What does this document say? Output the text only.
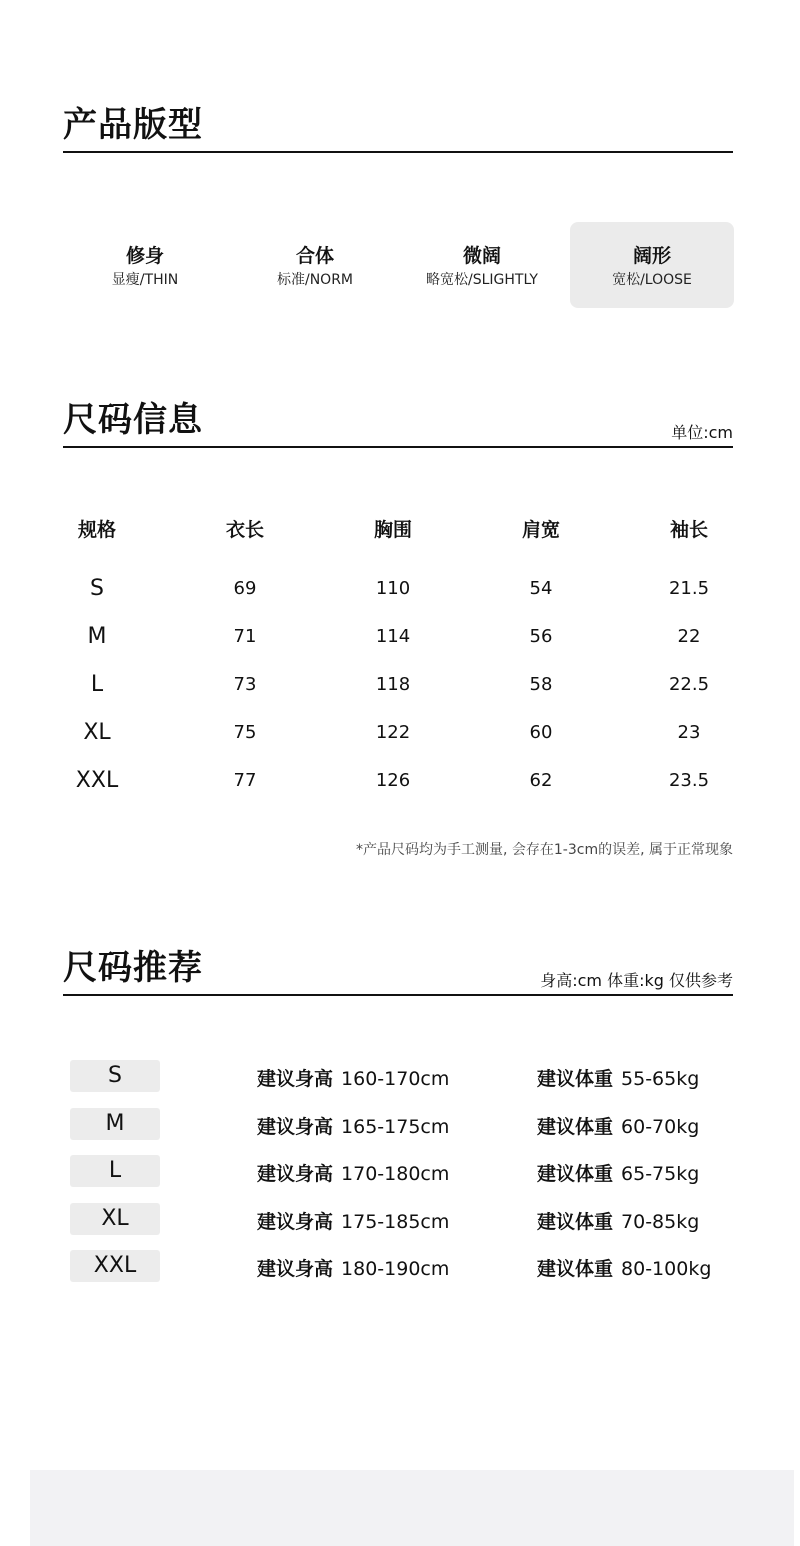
产品版型
修身
显瘦/THIN
合体
标准/NORM
微阔
略宽松/SLIGHTLY
阔形
宽松/LOOSE
尺码信息	单位:cm
规格	衣长	胸围	肩宽	袖长
S	69	110	54	21.5
M	71	114	56	22
L	73	118	58	22.5
XL	75	122	60	23
XXL	77	126	62	23.5
*产品尺码均为手工测量, 会存在1-3cm的误差, 属于正常现象
尺码推荐	身高:cm 体重:kg 仅供参考
S	建议身高 160-170cm	建议体重 55-65kg
M	建议身高 165-175cm	建议体重 60-70kg
L	建议身高 170-180cm	建议体重 65-75kg
XL	建议身高 175-185cm	建议体重 70-85kg
XXL	建议身高 180-190cm	建议体重 80-100kg
